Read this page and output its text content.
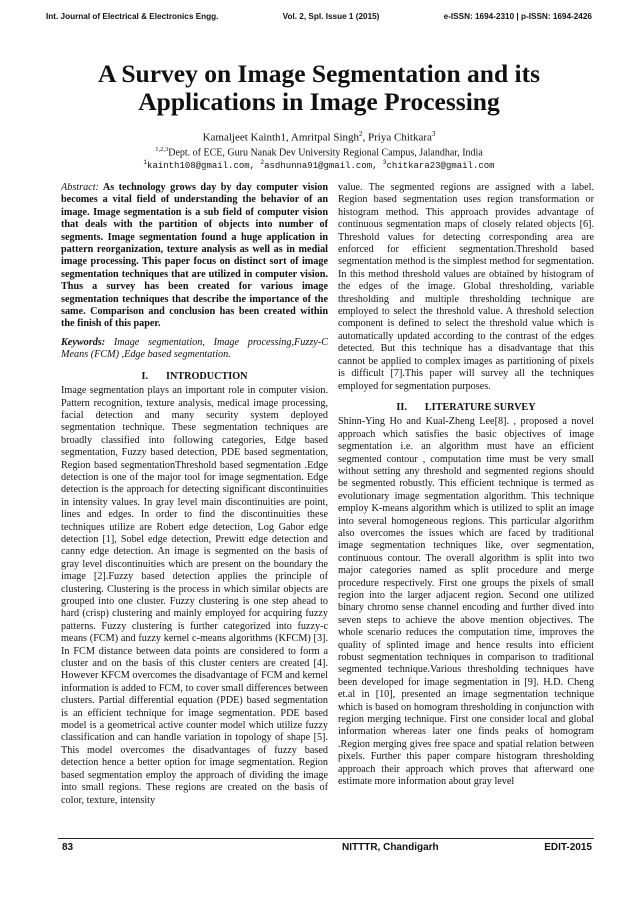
Int. Journal of Electrical & Electronics Engg.	Vol. 2, Spl. Issue 1 (2015)	e-ISSN: 1694-2310 | p-ISSN: 1694-2426
A Survey on Image Segmentation and its
Applications in Image Processing
Kamaljeet Kainth1, Amritpal Singh$^2$, Priya Chitkara$^3$
$^{1,2,3}$Dept. of ECE, Guru Nanak Dev University Regional Campus, Jalandhar, India
$^1$kainth108@gmail.com, $^2$asdhunna91@gmail.com, $^3$chitkara23@gmail.com

Abstract: As technology grows day by day computer vision becomes a vital field of understanding the behavior of an image. Image segmentation is a sub field of computer vision that deals with the partition of objects into number of segments. Image segmentation found a huge application in pattern reorganization, texture analysis as well as in medial image processing. This paper focus on distinct sort of image segmentation techniques that are utilized in computer vision. Thus a survey has been created for various image segmentation techniques that describe the importance of the same. Comparison and conclusion has been created within the finish of this paper.

Keywords: Image segmentation, Image processing,Fuzzy-C Means (FCM) ,Edge based segmentation.

I. INTRODUCTION

Image segmentation plays an important role in computer vision. Pattern recognition, texture analysis, medical image processing, facial detection and many security system deployed segmentation technique. These segmentation techniques are broadly classified into following categories, Edge based segmentation, Fuzzy based detection, PDE based segmentation, Region based segmentationThreshold based segmentation .Edge detection is one of the major tool for image segmentation. Edge detection is the approach for detecting significant discontinuities in intensity values. In gray level main discontinuities are point, lines and edges. In order to find the discontinuities these techniques utilize are Robert edge detection, Log Gabor edge detection [1], Sobel edge detection, Prewitt edge detection and canny edge detection. An image is segmented on the basis of gray level discontinuities which are present on the boundary the image [2].Fuzzy based detection applies the principle of clustering. Clustering is the process in which similar objects are grouped into one cluster. Fuzzy clustering is one step ahead to hard (crisp) clustering and mainly employed for acquiring fuzzy patterns. Fuzzy clustering is further categorized into fuzzy-c means (FCM) and fuzzy kernel c-means algorithms (KFCM) [3]. In FCM distance between data points are considered to form a cluster and on the basis of this cluster centers are created [4]. However KFCM overcomes the disadvantage of FCM and kernel information is added to FCM, to cover small differences between clusters. Partial differential equation (PDE) based segmentation is an efficient technique for image segmentation. PDE based model is a geometrical active counter model which utilize fuzzy classification and can handle variation in topology of shape [5]. This model overcomes the disadvantages of fuzzy based detection hence a better option for image segmentation. Region based segmentation employ the approach of dividing the image into small regions. These regions are created on the basis of color, texture, intensity

value. The segmented regions are assigned with a label. Region based segmentation uses region transformation or histogram method. This approach provides advantage of continuous segmentation maps of closely related objects [6]. Threshold values for detecting corresponding area are enforced for efficient segmentation.Threshold based segmentation method is the simplest method for segmentation. In this method threshold values are obtained by histogram of the edges of the image. Global thresholding, variable thresholding and multiple thresholding technique are employed to select the threshold value. A threshold selection component is defined to select the threshold value which is automatically updated according to the contrast of the edges detected. But this technique has a disadvantage that this cannot be applied to complex images as partitioning of pixels is difficult [7].This paper will survey all the techniques employed for segmentation purposes.

II. LITERATURE SURVEY

Shinn-Ying Ho and Kual-Zheng Lee[8]. , proposed a novel approach which satisfies the basic objectives of image segmentation i.e. an algorithm must have an efficient segmented contour , computation time must be very small without setting any threshold and segmented regions should be segmented robustly. This efficient technique is termed as evolutionary image segmentation algorithm. This technique employ K-means algorithm which is utilized to split an image into several homogeneous regions. This particular algorithm also overcomes the issues which are faced by traditional image segmentation techniques like, over segmentation, continuous contour. The overall algorithm is split into two major categories named as split procedure and merge procedure respectively. First one groups the pixels of small region into the larger adjacent region. Second one utilized binary chromo sense channel encoding and further dived into seven steps to achieve the above mention objectives. The whole scenario reduces the computation time, improves the quality of splinted image and hence results into efficient robust segmentation techniques in comparison to traditional segmented technique.Various thresholding techniques have been developed for image segmentation in [9]. H.D. Cheng et.al in [10], presented an image segmentation technique which is based on homogram thresholding in conjunction with region merging technique. First one consider local and global information whereas later one finds peaks of homogram .Region merging gives free space and spatial relation between pixels. Further this paper compare histogram thresholding approach their approach which proves that afterward one estimate more information about gray level

83	NITTTR, Chandigarh	EDIT-2015
